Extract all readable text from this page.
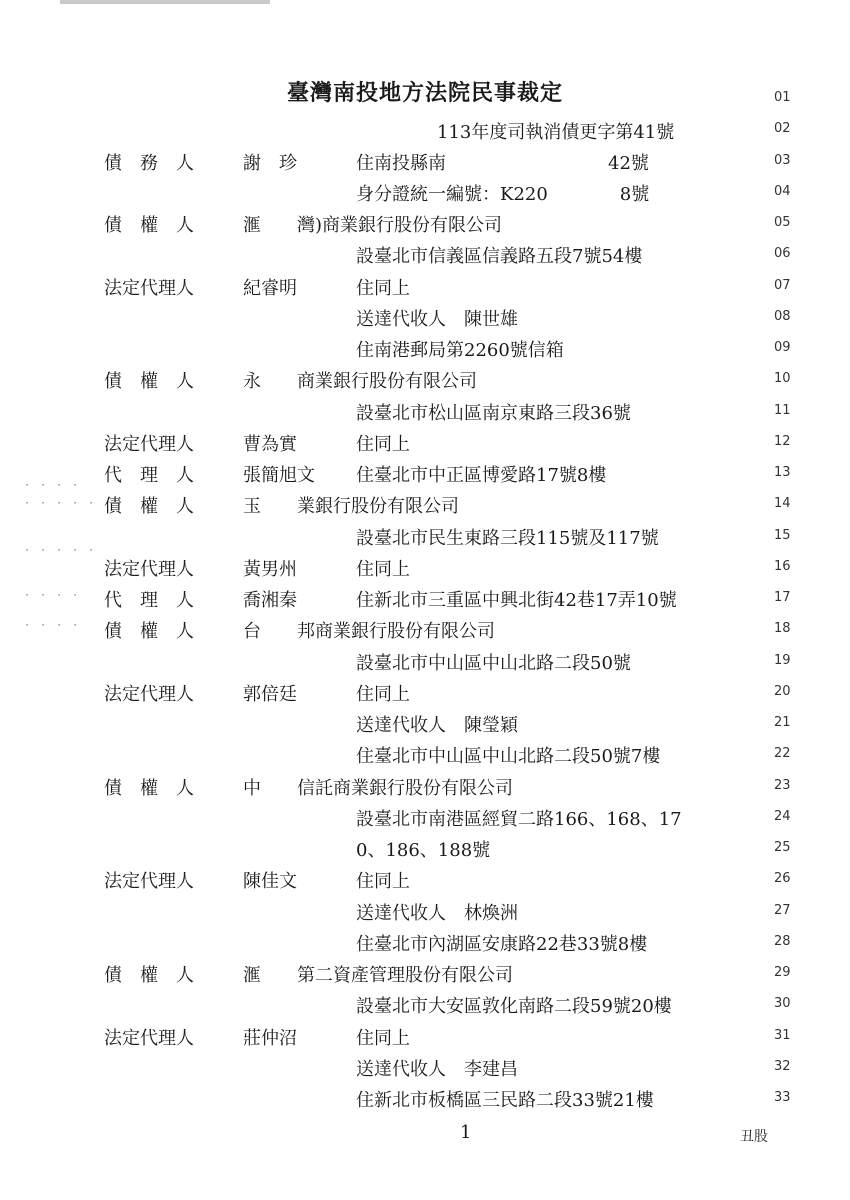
臺灣南投地方法院民事裁定
113年度司執消債更字第41號
01
02
03
債　務　人	謝　珍	住南投縣南　　　　　　　　　42號
04
身分證統一編號：K220　　　　8號
05
債　權　人	滙　　灣)商業銀行股份有限公司
06
設臺北市信義區信義路五段7號54樓
07
法定代理人	紀睿明	住同上
08
送達代收人　陳世雄
09
住南港郵局第2260號信箱
10
債　權　人	永　　商業銀行股份有限公司
11
設臺北市松山區南京東路三段36號
12
法定代理人	曹為實	住同上
13
代　理　人	張簡旭文 住臺北市中正區博愛路17號8樓
14
債　權　人	玉　　業銀行股份有限公司
15
設臺北市民生東路三段115號及117號
16
法定代理人	黃男州	住同上
17
代　理　人	喬湘秦	住新北市三重區中興北街42巷17弄10號
18
債　權　人	台　　邦商業銀行股份有限公司
19
設臺北市中山區中山北路二段50號
20
法定代理人	郭倍廷	住同上
21
送達代收人　陳瑩穎
22
住臺北市中山區中山北路二段50號7樓
23
債　權　人	中　　信託商業銀行股份有限公司
24
設臺北市南港區經貿二路166、168、17
25
0、186、188號
26
法定代理人	陳佳文	住同上
27
送達代收人　林煥洲
28
住臺北市內湖區安康路22巷33號8樓
29
債　權　人	滙　　第二資產管理股份有限公司
30
設臺北市大安區敦化南路二段59號20樓
31
法定代理人	莊仲沼	住同上
32
送達代收人　李建昌
33
住新北市板橋區三民路二段33號21樓
1	丑股
· · · ·
· · · · ·
· · · · ·
· · · ·
· · · ·
